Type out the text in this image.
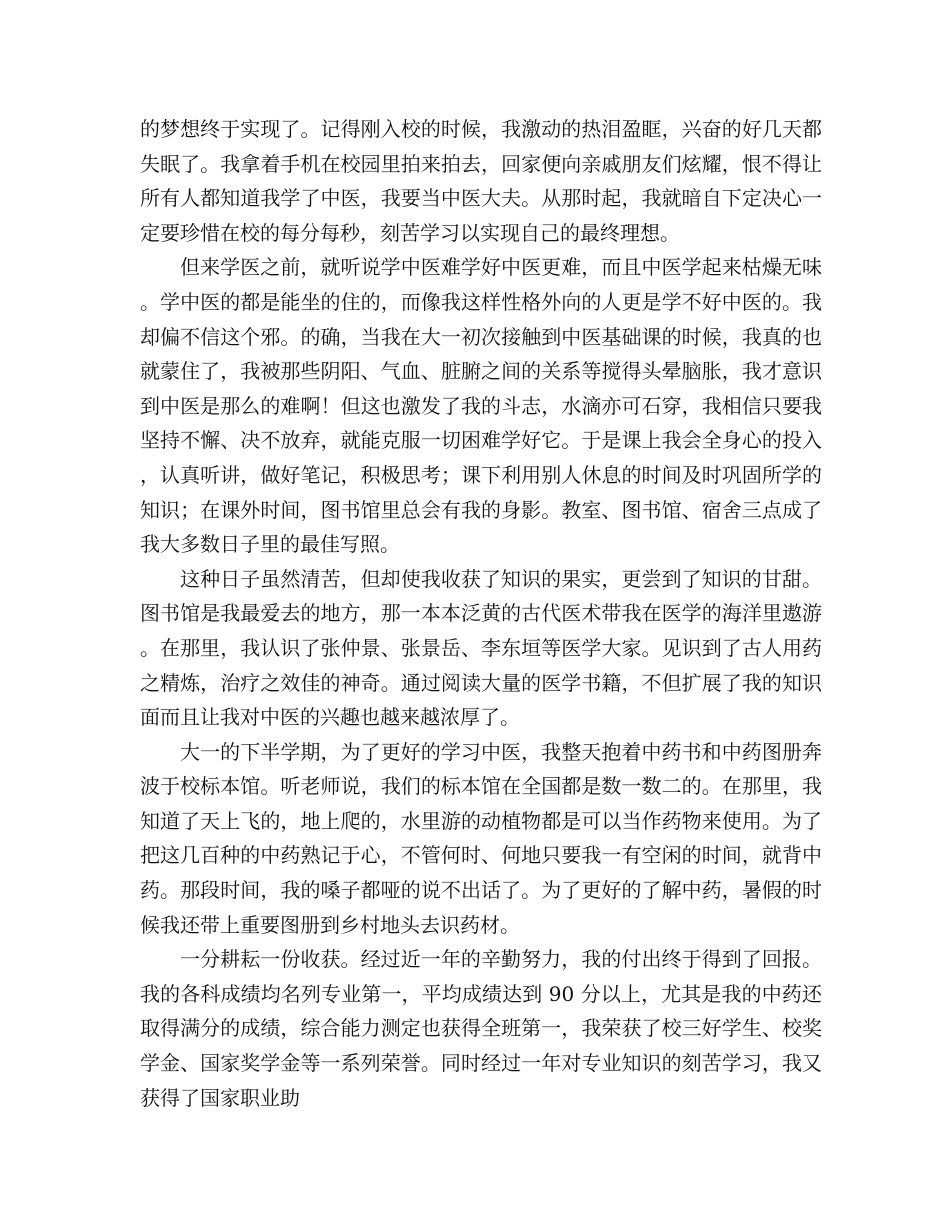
的梦想终于实现了。记得刚入校的时候，我激动的热泪盈眶，兴奋的好几天都失眠了。我拿着手机在校园里拍来拍去，回家便向亲戚朋友们炫耀，恨不得让所有人都知道我学了中医，我要当中医大夫。从那时起，我就暗自下定决心一定要珍惜在校的每分每秒，刻苦学习以实现自己的最终理想。

但来学医之前，就听说学中医难学好中医更难，而且中医学起来枯燥无味。学中医的都是能坐的住的，而像我这样性格外向的人更是学不好中医的。我却偏不信这个邪。的确，当我在大一初次接触到中医基础课的时候，我真的也就蒙住了，我被那些阴阳、气血、脏腑之间的关系等搅得头晕脑胀，我才意识到中医是那么的难啊！但这也激发了我的斗志，水滴亦可石穿，我相信只要我坚持不懈、决不放弃，就能克服一切困难学好它。于是课上我会全身心的投入，认真听讲，做好笔记，积极思考；课下利用别人休息的时间及时巩固所学的知识；在课外时间，图书馆里总会有我的身影。教室、图书馆、宿舍三点成了我大多数日子里的最佳写照。

这种日子虽然清苦，但却使我收获了知识的果实，更尝到了知识的甘甜。图书馆是我最爱去的地方，那一本本泛黄的古代医术带我在医学的海洋里遨游。在那里，我认识了张仲景、张景岳、李东垣等医学大家。见识到了古人用药之精炼，治疗之效佳的神奇。通过阅读大量的医学书籍，不但扩展了我的知识面而且让我对中医的兴趣也越来越浓厚了。

大一的下半学期，为了更好的学习中医，我整天抱着中药书和中药图册奔波于校标本馆。听老师说，我们的标本馆在全国都是数一数二的。在那里，我知道了天上飞的，地上爬的，水里游的动植物都是可以当作药物来使用。为了把这几百种的中药熟记于心，不管何时、何地只要我一有空闲的时间，就背中药。那段时间，我的嗓子都哑的说不出话了。为了更好的了解中药，暑假的时候我还带上重要图册到乡村地头去识药材。

一分耕耘一份收获。经过近一年的辛勤努力，我的付出终于得到了回报。我的各科成绩均名列专业第一，平均成绩达到 90 分以上，尤其是我的中药还取得满分的成绩，综合能力测定也获得全班第一，我荣获了校三好学生、校奖学金、国家奖学金等一系列荣誉。同时经过一年对专业知识的刻苦学习，我又获得了国家职业助
